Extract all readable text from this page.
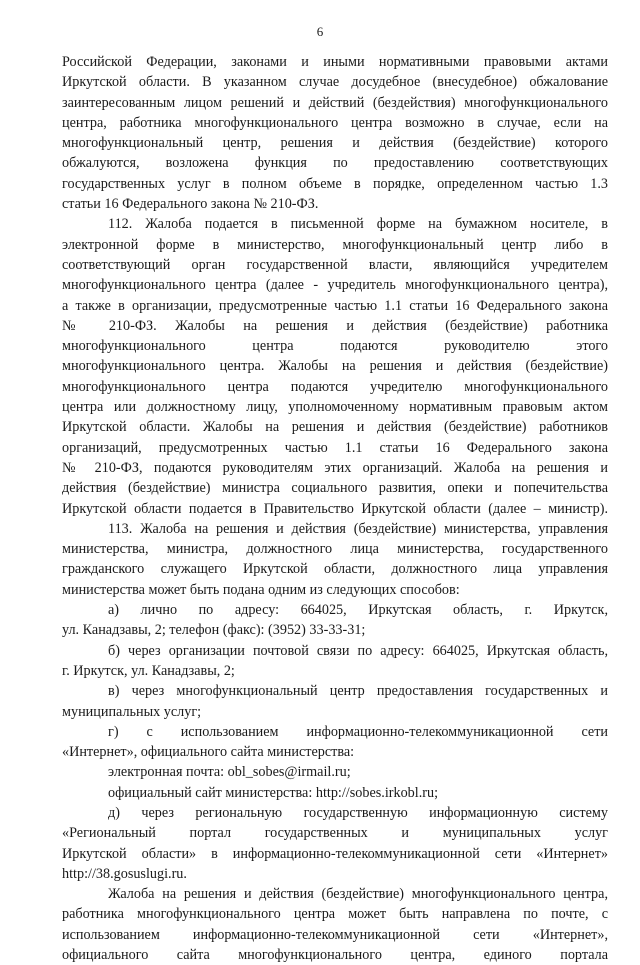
6
Российской Федерации, законами и иными нормативными правовыми актами
Иркутской области. В указанном случае досудебное (внесудебное) обжалование
заинтересованным лицом решений и действий (бездействия) многофункционального
центра, работника многофункционального центра возможно в случае, если на
многофункциональный центр, решения и действия (бездействие) которого
обжалуются, возложена функция по предоставлению соответствующих
государственных услуг в полном объеме в порядке, определенном частью 1.3
статьи 16 Федерального закона № 210-ФЗ.
112. Жалоба подается в письменной форме на бумажном носителе, в
электронной форме в министерство, многофункциональный центр либо в
соответствующий орган государственной власти, являющийся учредителем
многофункционального центра (далее - учредитель многофункционального центра),
а также в организации, предусмотренные частью 1.1 статьи 16 Федерального закона
№ 210-ФЗ. Жалобы на решения и действия (бездействие) работника
многофункционального центра подаются руководителю этого
многофункционального центра. Жалобы на решения и действия (бездействие)
многофункционального центра подаются учредителю многофункционального
центра или должностному лицу, уполномоченному нормативным правовым актом
Иркутской области. Жалобы на решения и действия (бездействие) работников
организаций, предусмотренных частью 1.1 статьи 16 Федерального закона
№ 210-ФЗ, подаются руководителям этих организаций. Жалоба на решения и
действия (бездействие) министра социального развития, опеки и попечительства
Иркутской области подается в Правительство Иркутской области (далее – министр).
113. Жалоба на решения и действия (бездействие) министерства, управления
министерства, министра, должностного лица министерства, государственного
гражданского служащего Иркутской области, должностного лица управления
министерства может быть подана одним из следующих способов:
а) лично по адресу: 664025, Иркутская область, г. Иркутск,
ул. Канадзавы, 2; телефон (факс): (3952) 33-33-31;
б) через организации почтовой связи по адресу: 664025, Иркутская область,
г. Иркутск, ул. Канадзавы, 2;
в) через многофункциональный центр предоставления государственных и
муниципальных услуг;
г) с использованием информационно-телекоммуникационной сети
«Интернет», официального сайта министерства:
электронная почта: obl_sobes@irmail.ru;
официальный сайт министерства: http://sobes.irkobl.ru;
д) через региональную государственную информационную систему
«Региональный портал государственных и муниципальных услуг
Иркутской области» в информационно-телекоммуникационной сети «Интернет»
http://38.gosuslugi.ru.
Жалоба на решения и действия (бездействие) многофункционального центра,
работника многофункционального центра может быть направлена по почте, с
использованием информационно-телекоммуникационной сети «Интернет»,
официального сайта многофункционального центра, единого портала
